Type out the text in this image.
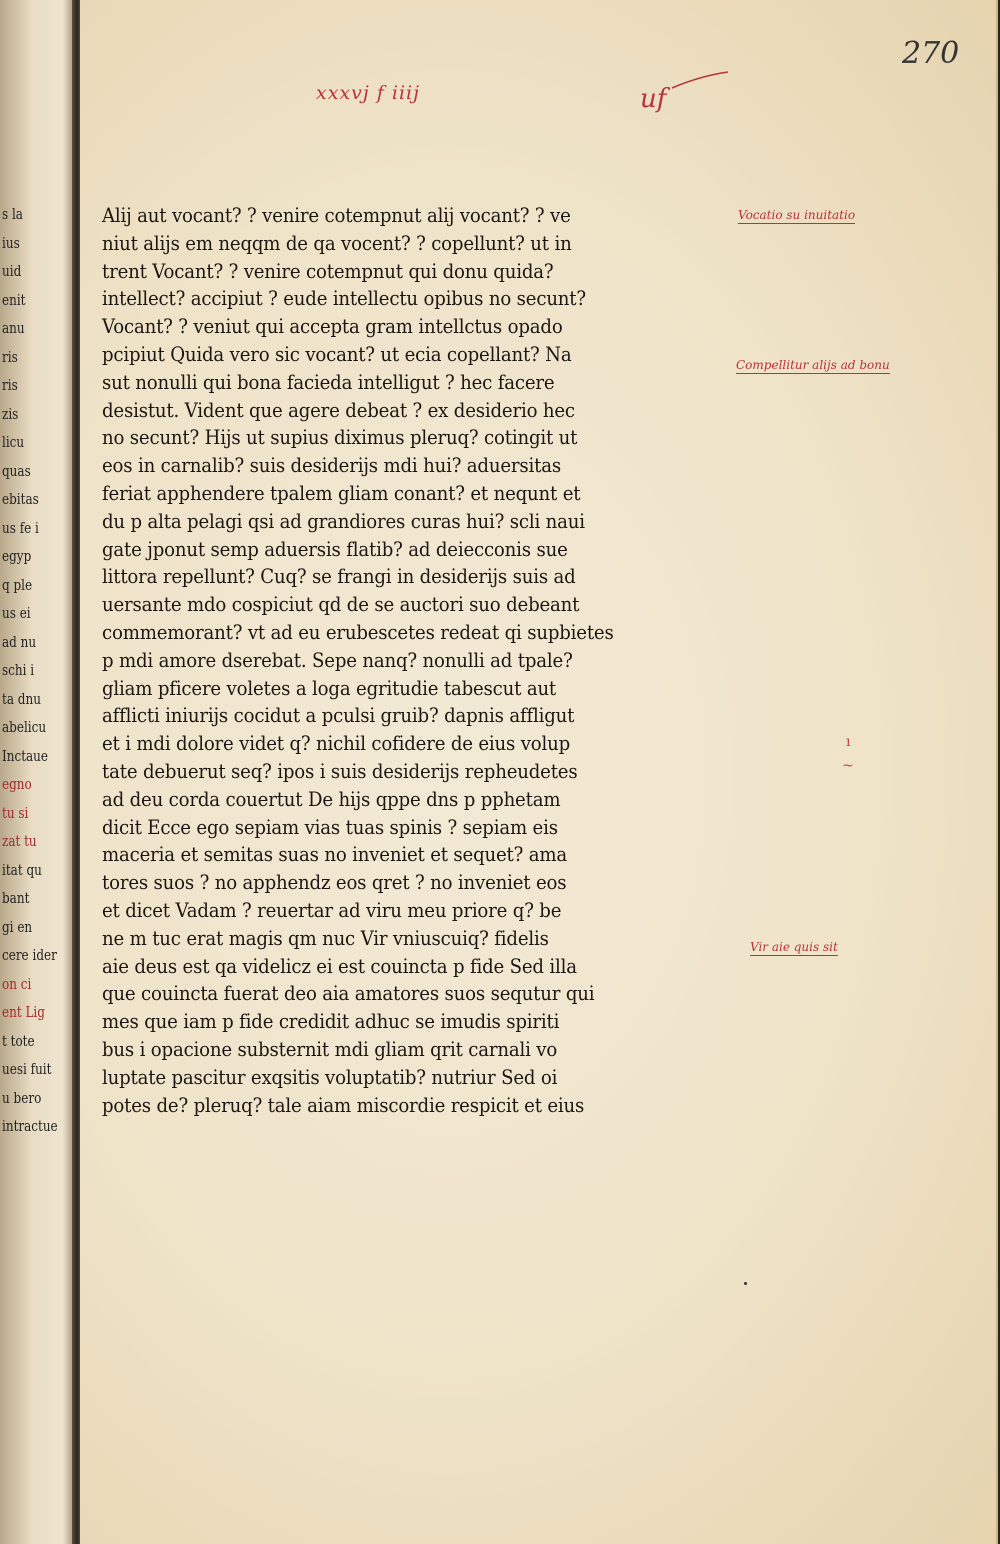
s la
ius
uid
enit
anu
ris
ris
zis
licu
quas
ebitas
us fe i
egyp
q ple
us ei
ad nu
schi i
ta dnu
abelicu
Inctaue
egno
tu si
zat tu
itat qu
bant
gi en
cere ider
on ci
ent Lig
t tote
uesi fuit
u bero
intractue
270
xxxvj f iiij	uf
Alij aut vocant? ? venire cotempnut alij vocant? ? ve
niut alijs em neqqm de qa vocent? ? copellunt? ut in
trent Vocant? ? venire cotempnut qui donu quida?
intellect? accipiut ? eude intellectu opibus no secunt?
Vocant? ? veniut qui accepta gram intellctus opado
pcipiut Quida vero sic vocant? ut ecia copellant? Na
sut nonulli qui bona facieda intelligut ? hec facere
desistut. Vident que agere debeat ? ex desiderio hec
no secunt? Hijs ut supius diximus pleruq? cotingit ut
eos in carnalib? suis desiderijs mdi hui? aduersitas
feriat apphendere tpalem gliam conant? et nequnt et
du p alta pelagi qsi ad grandiores curas hui? scli naui
gate jponut semp aduersis flatib? ad deiecconis sue
littora repellunt? Cuq? se frangi in desiderijs suis ad
uersante mdo cospiciut qd de se auctori suo debeant
commemorant? vt ad eu erubescetes redeat qi supbietes
p mdi amore dserebat. Sepe nanq? nonulli ad tpale?
gliam pficere voletes a loga egritudie tabescut aut
afflicti iniurijs cocidut a pculsi gruib? dapnis affligut
et i mdi dolore videt q? nichil cofidere de eius volup
tate debuerut seq? ipos i suis desiderijs repheudetes
ad deu corda couertut De hijs qppe dns p pphetam
dicit Ecce ego sepiam vias tuas spinis ? sepiam eis
maceria et semitas suas no inveniet et sequet? ama
tores suos ? no apphendz eos qret ? no inveniet eos
et dicet Vadam ? reuertar ad viru meu priore q? be
ne m tuc erat magis qm nuc Vir vniuscuiq? fidelis
aie deus est qa videlicz ei est couincta p fide Sed illa
que couincta fuerat deo aia amatores suos sequtur qui
mes que iam p fide credidit adhuc se imudis spiriti
bus i opacione substernit mdi gliam qrit carnali vo
luptate pascitur exqsitis voluptatib? nutriur Sed oi
potes de? pleruq? tale aiam miscordie respicit et eius
Vocatio su inuitatio
Compellitur alijs ad bonu
ı
~
Vir aie quis sit
